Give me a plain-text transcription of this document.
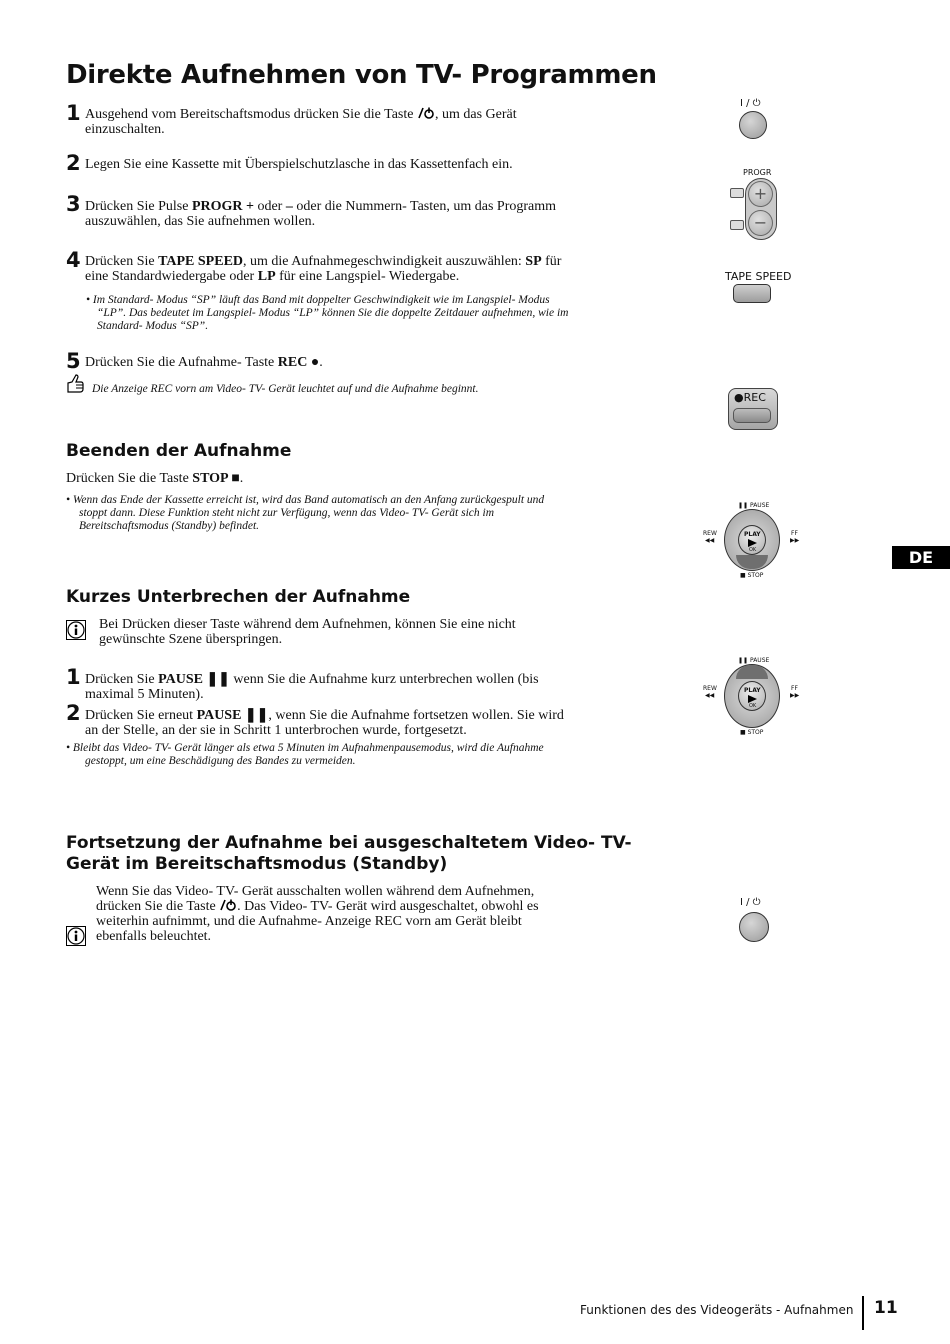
Direkte Aufnehmen von TV- Programmen
1 Ausgehend vom Bereitschaftsmodus drücken Sie die Taste , um das Gerät
einzuschalten.
2 Legen Sie eine Kassette mit Überspielschutzlasche in das Kassettenfach ein.
3 Drücken Sie Pulse PROGR + oder – oder die Nummern- Tasten, um das Programm
auszuwählen, das Sie aufnehmen wollen.
4 Drücken Sie TAPE SPEED, um die Aufnahmegeschwindigkeit auszuwählen: SP für
eine Standardwiedergabe oder LP für eine Langspiel- Wiedergabe.
• Im Standard- Modus “SP” läuft das Band mit doppelter Geschwindigkeit wie im Langspiel- Modus
“LP”. Das bedeutet im Langspiel- Modus “LP” können Sie die doppelte Zeitdauer aufnehmen, wie im
Standard- Modus “SP”.
5 Drücken Sie die Aufnahme- Taste REC ●.
Die Anzeige REC vorn am Video- TV- Gerät leuchtet auf und die Aufnahme beginnt.
Beenden der Aufnahme
Drücken Sie die Taste STOP ■.
• Wenn das Ende der Kassette erreicht ist, wird das Band automatisch an den Anfang zurückgespult und
stoppt dann. Diese Funktion steht nicht zur Verfügung, wenn das Video- TV- Gerät sich im
Bereitschaftsmodus (Standby) befindet.
Kurzes Unterbrechen der Aufnahme
Bei Drücken dieser Taste während dem Aufnehmen, können Sie eine nicht
gewünschte Szene überspringen.
1 Drücken Sie PAUSE ❚❚ wenn Sie die Aufnahme kurz unterbrechen wollen (bis
maximal 5 Minuten).
2 Drücken Sie erneut PAUSE ❚❚, wenn Sie die Aufnahme fortsetzen wollen. Sie wird
an der Stelle, an der sie in Schritt 1 unterbrochen wurde, fortgesetzt.
• Bleibt das Video- TV- Gerät länger als etwa 5 Minuten im Aufnahmenpausemodus, wird die Aufnahme
gestoppt, um eine Beschädigung des Bandes zu vermeiden.
Fortsetzung der Aufnahme bei ausgeschaltetem Video- TV-
Gerät im Bereitschaftsmodus (Standby)
Wenn Sie das Video- TV- Gerät ausschalten wollen während dem Aufnehmen,
drücken Sie die Taste . Das Video- TV- Gerät wird ausgeschaltet, obwohl es
weiterhin aufnimmt, und die Aufnahme- Anzeige REC vorn am Gerät bleibt
ebenfalls beleuchtet.
I / ⏻
PROGR
+
−
TAPE SPEED
●REC
❚❚ PAUSE
PLAY
OK
REW	FF
◀◀	▶▶
■ STOP
DE
❚❚ PAUSE
PLAY
OK
REW	FF
◀◀	▶▶
■ STOP
I / ⏻
Funktionen des des Videogeräts - Aufnahmen 11
